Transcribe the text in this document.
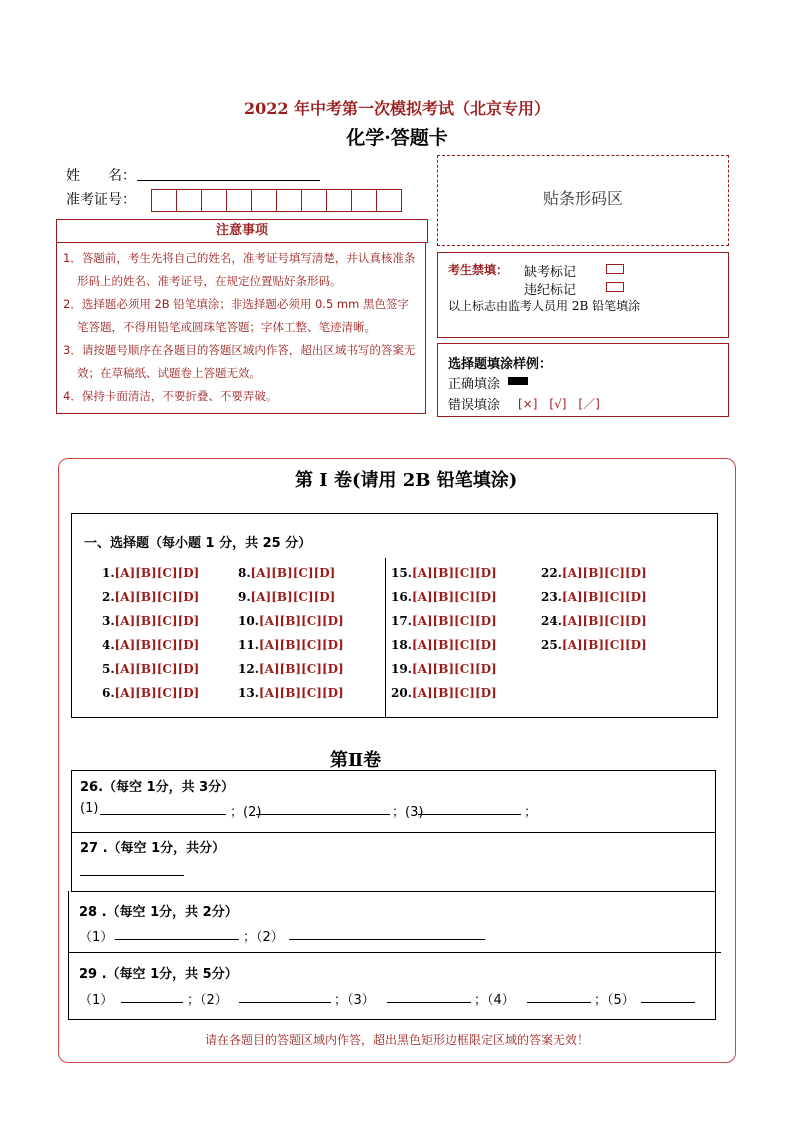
2022 年中考第一次模拟考试（北京专用）
化学·答题卡
姓　　名：
准考证号：
注意事项

1．答题前，考生先将自己的姓名，准考证号填写清楚，并认真核准条形码上的姓名、准考证号，在规定位置贴好条形码。

2．选择题必须用 2B 铅笔填涂；非选择题必须用 0.5 mm 黑色签字笔答题，不得用铅笔或圆珠笔答题；字体工整、笔迹清晰。

3．请按题号顺序在各题目的答题区域内作答，超出区域书写的答案无效；在草稿纸、试题卷上答题无效。

4．保持卡面清洁，不要折叠、不要弄破。

贴条形码区
考生禁填： 缺考标记
违纪标记
以上标志由监考人员用 2B 铅笔填涂
选择题填涂样例：
正确填涂
错误填涂 [×]　[√]　[／]
第 I 卷(请用 2B 铅笔填涂)
一、选择题（每小题 1 分，共 25 分）
1.[A][B][C][D]
2.[A][B][C][D]
3.[A][B][C][D]
4.[A][B][C][D]
5.[A][B][C][D]
6.[A][B][C][D]
8.[A][B][C][D]
9.[A][B][C][D]
10.[A][B][C][D]
11.[A][B][C][D]
12.[A][B][C][D]
13.[A][B][C][D]
15.[A][B][C][D]
16.[A][B][C][D]
17.[A][B][C][D]
18.[A][B][C][D]
19.[A][B][C][D]
20.[A][B][C][D]
22.[A][B][C][D]
23.[A][B][C][D]
24.[A][B][C][D]
25.[A][B][C][D]
第Ⅱ卷
26.（每空 1分，共 3分）
(1)	；(2)	；(3)	；
27 .（每空 1分，共分）
28 .（每空 1分，共 2分）
（1）	；（2）
29 .（每空 1分，共 5分）
（1）	；（2）	；（3）	；（4）	；（5）
请在各题目的答题区域内作答，超出黑色矩形边框限定区域的答案无效！
